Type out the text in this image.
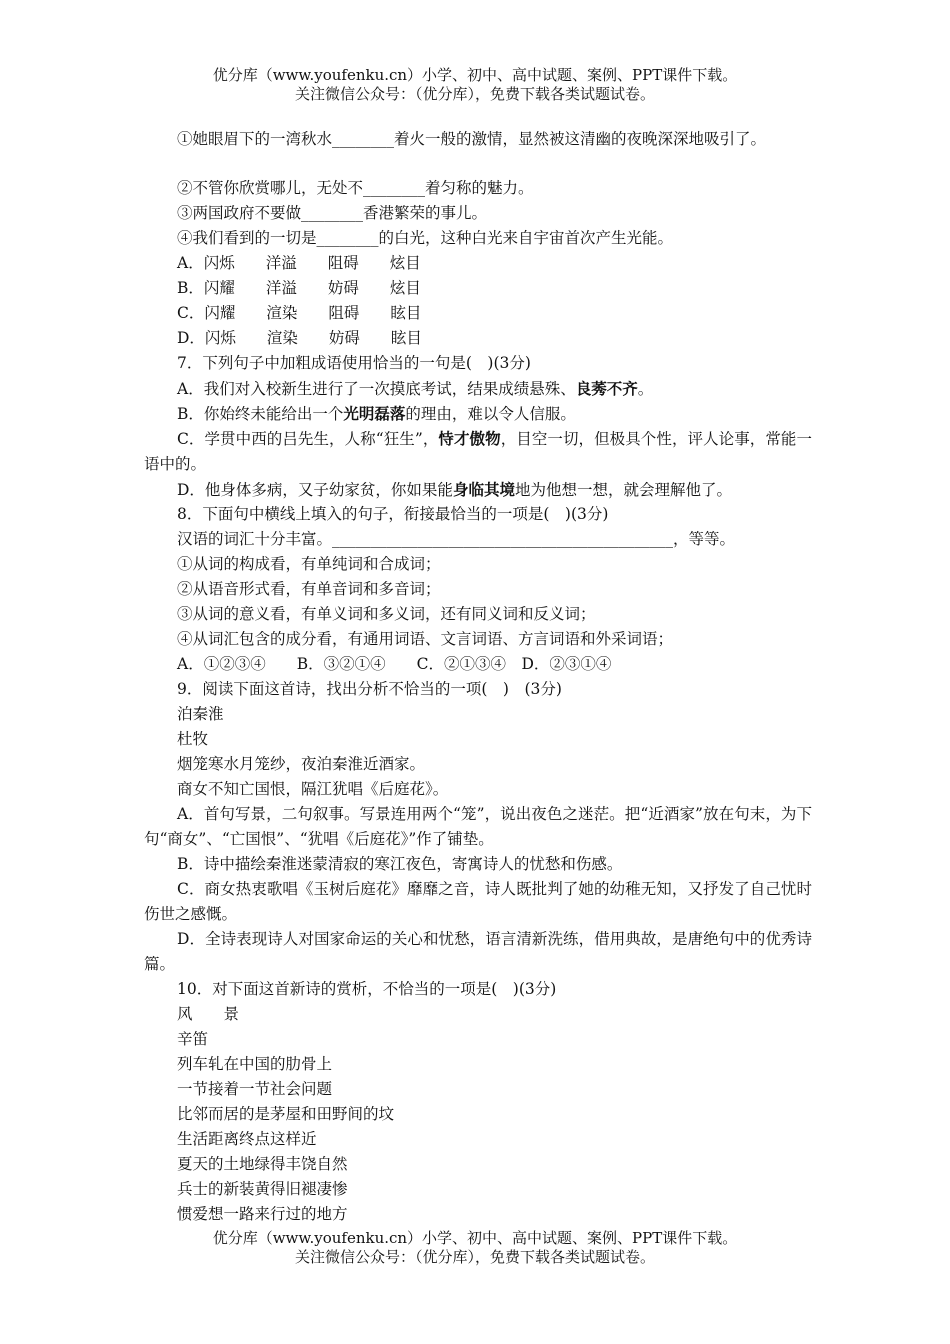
优分库（www.youfenku.cn）小学、初中、高中试题、案例、PPT课件下载。
关注微信公众号：（优分库），免费下载各类试题试卷。
①她眼眉下的一湾秋水________着火一般的激情，显然被这清幽的夜晚深深地吸引了。
②不管你欣赏哪儿，无处不________着匀称的魅力。
③两国政府不要做________香港繁荣的事儿。
④我们看到的一切是________的白光，这种白光来自宇宙首次产生光能。
A．闪烁　　洋溢　　阻碍　　炫目
B．闪耀　　洋溢　　妨碍　　炫目
C．闪耀　　渲染　　阻碍　　眩目
D．闪烁　　渲染　　妨碍　　眩目
7．下列句子中加粗成语使用恰当的一句是(　)(3分)
A．我们对入校新生进行了一次摸底考试，结果成绩悬殊、良莠不齐。
B．你始终未能给出一个光明磊落的理由，难以令人信服。
C．学贯中西的吕先生，人称“狂生”，恃才傲物，目空一切，但极具个性，评人论事，常能一语中的。
D．他身体多病，又子幼家贫，你如果能身临其境地为他想一想，就会理解他了。
8．下面句中横线上填入的句子，衔接最恰当的一项是(　)(3分)
汉语的词汇十分丰富。____________________________________________，等等。
①从词的构成看，有单纯词和合成词；
②从语音形式看，有单音词和多音词；
③从词的意义看，有单义词和多义词，还有同义词和反义词；
④从词汇包含的成分看，有通用词语、文言词语、方言词语和外采词语；
A．①②③④　　B．③②①④　　C．②①③④　D．②③①④
9．阅读下面这首诗，找出分析不恰当的一项(　)　(3分)
泊秦淮
杜牧
烟笼寒水月笼纱，夜泊秦淮近酒家。
商女不知亡国恨，隔江犹唱《后庭花》。
A．首句写景，二句叙事。写景连用两个“笼”，说出夜色之迷茫。把“近酒家”放在句末，为下句“商女”、“亡国恨”、“犹唱《后庭花》”作了铺垫。
B．诗中描绘秦淮迷蒙清寂的寒江夜色，寄寓诗人的忧愁和伤感。
C．商女热衷歌唱《玉树后庭花》靡靡之音，诗人既批判了她的幼稚无知，又抒发了自己忧时伤世之感慨。
D．全诗表现诗人对国家命运的关心和忧愁，语言清新洗练，借用典故，是唐绝句中的优秀诗篇。
10．对下面这首新诗的赏析，不恰当的一项是(　)(3分)
风　　景
辛笛
列车轧在中国的肋骨上
一节接着一节社会问题
比邻而居的是茅屋和田野间的坟
生活距离终点这样近
夏天的土地绿得丰饶自然
兵士的新装黄得旧褪凄惨
惯爱想一路来行过的地方
优分库（www.youfenku.cn）小学、初中、高中试题、案例、PPT课件下载。
关注微信公众号：（优分库），免费下载各类试题试卷。
